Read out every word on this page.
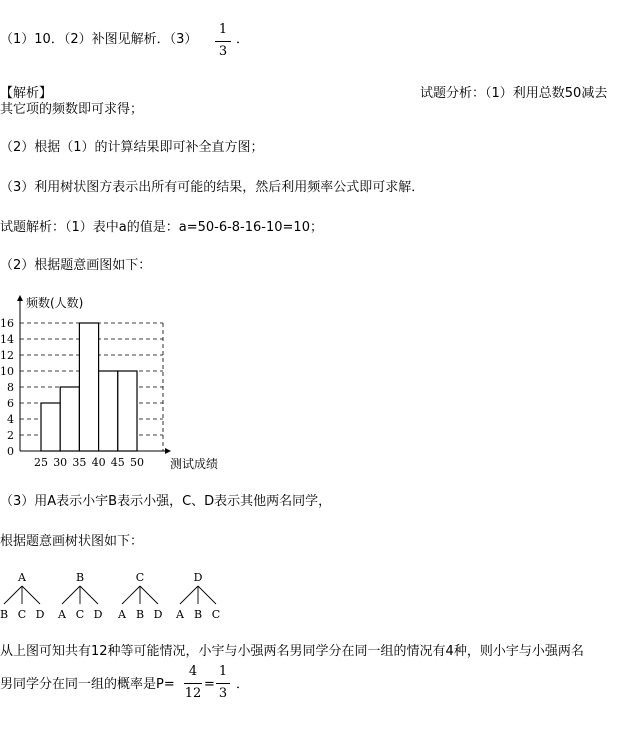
（1）10．（2）补图见解析．（3）
1
3
．
【解析】	试题分析：（1）利用总数50减去
其它项的频数即可求得；
（2）根据（1）的计算结果即可补全直方图；
（3）利用树状图方表示出所有可能的结果，然后利用频率公式即可求解．
试题解析：（1）表中a的值是：a=50-6-8-16-10=10；
（2）根据题意画图如下：
频数(人数)
测试成绩
0
2
4
6
8
10
12
14
16
25 30 35 40 45 50
（3）用A表示小宇B表示小强，C、D表示其他两名同学，
根据题意画树状图如下：
A
B C D
B
A C D
C
A B D
D
A B C
从上图可知共有12种等可能情况，小宇与小强两名男同学分在同一组的情况有4种，则小宇与小强两名
男同学分在同一组的概率是P=
4
12
=
1
3
．
